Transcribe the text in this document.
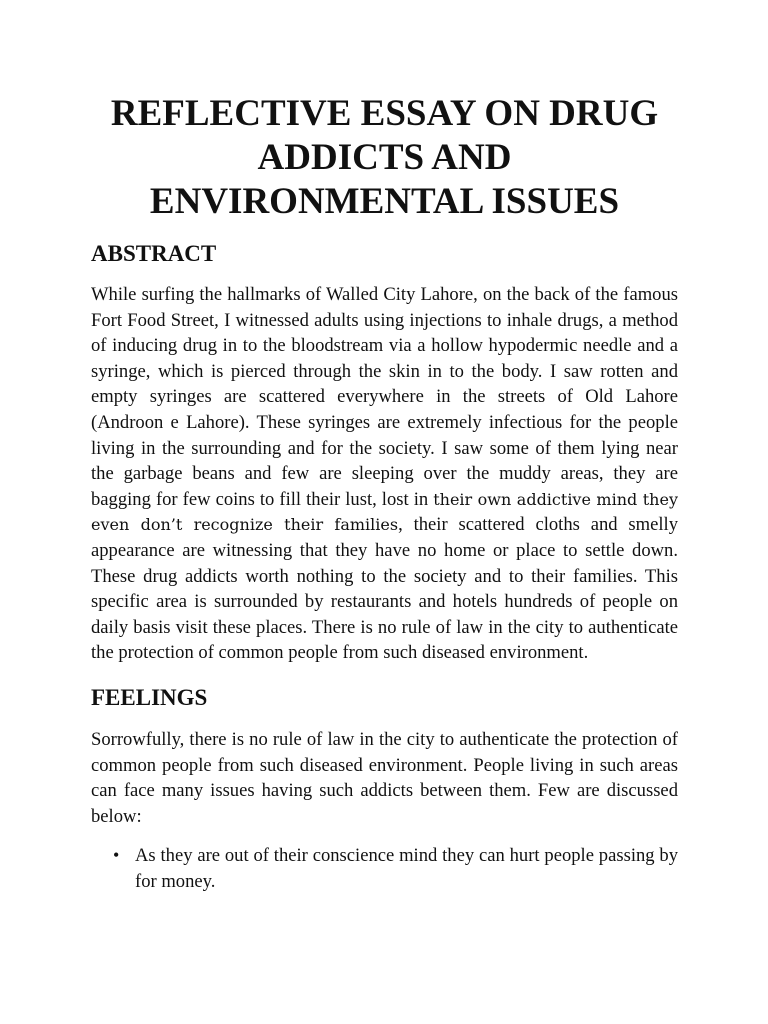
REFLECTIVE ESSAY ON DRUG ADDICTS AND ENVIRONMENTAL ISSUES
ABSTRACT

While surfing the hallmarks of Walled City Lahore, on the back of the famous Fort Food Street, I witnessed adults using injections to inhale drugs, a method of inducing drug in to the bloodstream via a hollow hypodermic needle and a syringe, which is pierced through the skin in to the body. I saw rotten and empty syringes are scattered everywhere in the streets of Old Lahore (Androon e Lahore). These syringes are extremely infectious for the people living in the surrounding and for the society. I saw some of them lying near the garbage beans and few are sleeping over the muddy areas, they are bagging for few coins to fill their lust, lost in their own addictive mind they even don’t recognize their families, their scattered cloths and smelly appearance are witnessing that they have no home or place to settle down. These drug addicts worth nothing to the society and to their families. This specific area is surrounded by restaurants and hotels hundreds of people on daily basis visit these places. There is no rule of law in the city to authenticate the protection of common people from such diseased environment.

FEELINGS

Sorrowfully, there is no rule of law in the city to authenticate the protection of common people from such diseased environment. People living in such areas can face many issues having such addicts between them. Few are discussed below:

• As they are out of their conscience mind they can hurt people passing by for money.
